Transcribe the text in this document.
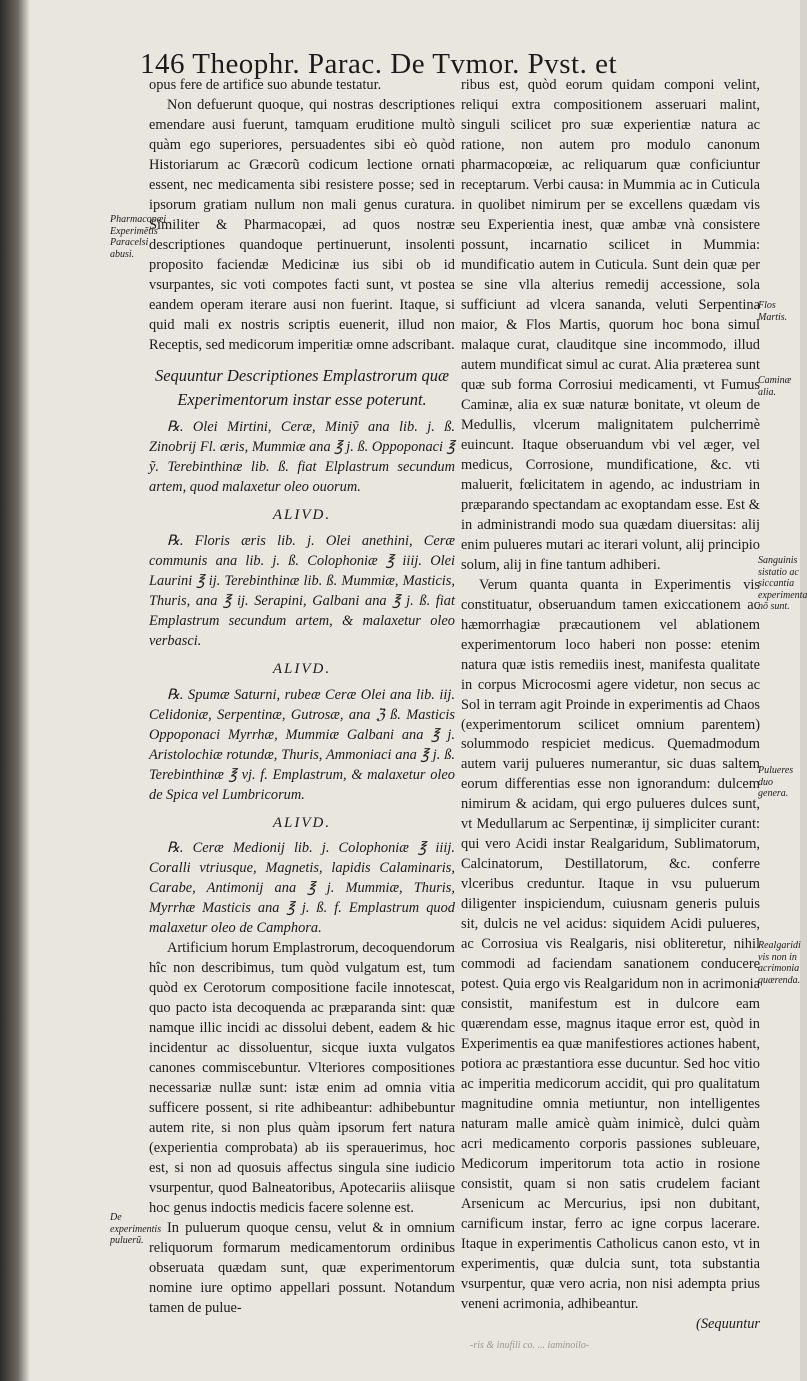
146 Theophr. Parac. De Tvmor. Pvst. et
Pharmacopæi Experimẽtis Paracelsi abusi.
De experimentis puluerũ.
Flos Martis.
Caminæ alia.
Sanguinis sistatio ac siccantia experimenta nõ sunt.
Pulueres duo genera.
Realgaridi vis non in acrimonia quærenda.

opus fere de artifice suo abunde testatur.

Non defuerunt quoque, qui nostras descriptiones emendare ausi fuerunt, tamquam eruditione multò quàm ego superiores, persuadentes sibi eò quòd Historiarum ac Græcorũ codicum lectione ornati essent, nec medicamenta sibi resistere posse; sed in ipsorum gratiam nullum non mali genus curatura. Similiter & Pharmacopæi, ad quos nostræ descriptiones quandoque pertinuerunt, insolenti proposito faciendæ Medicinæ ius sibi ob id vsurpantes, sic voti compotes facti sunt, vt postea eandem operam iterare ausi non fuerint. Itaque, si quid mali ex nostris scriptis euenerit, illud non Receptis, sed medicorum imperitiæ omne adscribant.

Sequuntur Descriptiones Emplastrorum quæ Experimentorum instar esse poterunt.

℞. Olei Mirtini, Ceræ, Miniỹ ana lib. j. ß. Zinobrij Fl. æris, Mummiæ ana ℥ j. ß. Oppoponaci ℥ ỹ. Terebinthinæ lib. ß. fiat Elplastrum secundum artem, quod malaxetur oleo ouorum.

ALIVD.

℞. Floris æris lib. j. Olei anethini, Ceræ communis ana lib. j. ß. Colophoniæ ℥ iiij. Olei Laurini ℥ ij. Terebinthinæ lib. ß. Mummiæ, Masticis, Thuris, ana ℥ ij. Serapini, Galbani ana ℥ j. ß. fiat Emplastrum secundum artem, & malaxetur oleo verbasci.

ALIVD.

℞. Spumæ Saturni, rubeæ Ceræ Olei ana lib. iij. Celidoniæ, Serpentinæ, Gutrosæ, ana ℨ ß. Masticis Oppoponaci Myrrhæ, Mummiæ Galbani ana ℥ j. Aristolochiæ rotundæ, Thuris, Ammoniaci ana ℥ j. ß. Terebinthinæ ℥ vj. f. Emplastrum, & malaxetur oleo de Spica vel Lumbricorum.

ALIVD.

℞. Ceræ Medionij lib. j. Colophoniæ ℥ iiij. Coralli vtriusque, Magnetis, lapidis Calaminaris, Carabe, Antimonij ana ℥ j. Mummiæ, Thuris, Myrrhæ Masticis ana ℥ j. ß. f. Emplastrum quod malaxetur oleo de Camphora.

Artificium horum Emplastrorum, decoquendorum hîc non describimus, tum quòd vulgatum est, tum quòd ex Cerotorum compositione facile innotescat, quo pacto ista decoquenda ac præparanda sint: quæ namque illic incidi ac dissolui debent, eadem & hic incidentur ac dissoluentur, sicque iuxta vulgatos canones commiscebuntur. Vlteriores compositiones necessariæ nullæ sunt: istæ enim ad omnia vitia sufficere possent, si rite adhibeantur: adhibebuntur autem rite, si non plus quàm ipsorum fert natura (experientia comprobata) ab iis sperauerimus, hoc est, si non ad quosuis affectus singula sine iudicio vsurpentur, quod Balneatoribus, Apotecariis aliisque hoc genus indoctis medicis facere solenne est.

In puluerum quoque censu, velut & in omnium reliquorum formarum medicamentorum ordinibus obseruata quædam sunt, quæ experimentorum nomine iure optimo appellari possunt. Notandum tamen de pulue-

ribus est, quòd eorum quidam componi velint, reliqui extra compositionem asseruari malint, singuli scilicet pro suæ experientiæ natura ac ratione, non autem pro modulo canonum pharmacopœiæ, ac reliquarum quæ conficiuntur receptarum. Verbi causa: in Mummia ac in Cuticula in quolibet nimirum per se excellens quædam vis seu Experientia inest, quæ ambæ vnà consistere possunt, incarnatio scilicet in Mummia: mundificatio autem in Cuticula. Sunt dein quæ per se sine vlla alterius remedij accessione, sola sufficiunt ad vlcera sananda, veluti Serpentina maior, & Flos Martis, quorum hoc bona simul malaque curat, clauditque sine incommodo, illud autem mundificat simul ac curat. Alia præterea sunt quæ sub forma Corrosiui medicamenti, vt Fumus Caminæ, alia ex suæ naturæ bonitate, vt oleum de Medullis, vlcerum malignitatem pulcherrimè euincunt. Itaque obseruandum vbi vel æger, vel medicus, Corrosione, mundificatione, &c. vti maluerit, fœlicitatem in agendo, ac industriam in præparando spectandam ac exoptandam esse. Est & in administrandi modo sua quædam diuersitas: alij enim pulueres mutari ac iterari volunt, alij principio solum, alij in fine tantum adhiberi.

Verum quanta quanta in Experimentis vis constituatur, obseruandum tamen exiccationem ac hæmorrhagiæ præcautionem vel ablationem experimentorum loco haberi non posse: etenim natura quæ istis remediis inest, manifesta qualitate in corpus Microcosmi agere videtur, non secus ac Sol in terram agit Proinde in experimentis ad Chaos (experimentorum scilicet omnium parentem) solummodo respiciet medicus. Quemadmodum autem varij pulueres numerantur, sic duas saltem eorum differentias esse non ignorandum: dulcem nimirum & acidam, qui ergo pulueres dulces sunt, vt Medullarum ac Serpentinæ, ij simpliciter curant: qui vero Acidi instar Realgaridum, Sublimatorum, Calcinatorum, Destillatorum, &c. conferre vlceribus creduntur. Itaque in vsu puluerum diligenter inspiciendum, cuiusnam generis puluis sit, dulcis ne vel acidus: siquidem Acidi pulueres, ac Corrosiua vis Realgaris, nisi obliteretur, nihil commodi ad faciendam sanationem conducere potest. Quia ergo vis Realgaridum non in acrimonia consistit, manifestum est in dulcore eam quærendam esse, magnus itaque error est, quòd in Experimentis ea quæ manifestiores actiones habent, potiora ac præstantiora esse ducuntur. Sed hoc vitio ac imperitia medicorum accidit, qui pro qualitatum magnitudine omnia metiuntur, non intelligentes naturam malle amicè quàm inimicè, dulci quàm acri medicamento corporis passiones subleuare, Medicorum imperitorum tota actio in rosione consistit, quam si non satis crudelem faciant Arsenicum ac Mercurius, ipsi non dubitant, carnificum instar, ferro ac igne corpus lacerare. Itaque in experimentis Catholicus canon esto, vt in experimentis, quæ dulcia sunt, tota substantia vsurpentur, quæ vero acria, non nisi adempta prius veneni acrimonia, adhibeantur.

(Sequuntur

-ris & inufili co. ... iaminoilo-
